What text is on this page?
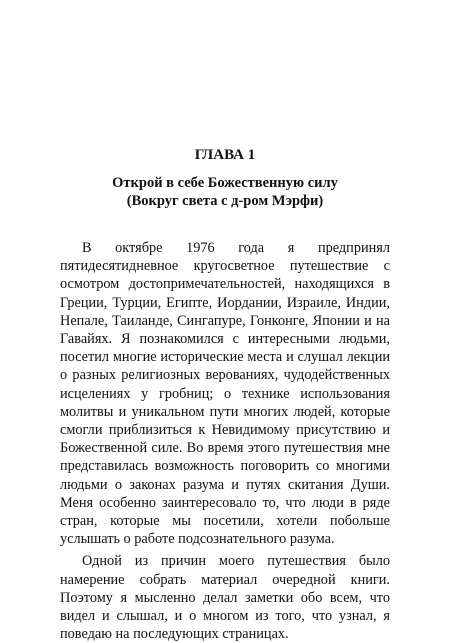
ГЛАВА 1
Открой в себе Божественную силу
(Вокруг света с д-ром Мэрфи)

В октябре 1976 года я предпринял пятидесятидневное кругосветное путешествие с осмотром достопримечательностей, находящихся в Греции, Турции, Египте, Иордании, Израиле, Индии, Непале, Таиланде, Сингапуре, Гонконге, Японии и на Гавайях. Я познакомился с интересными людьми, посетил многие исторические места и слушал лекции о разных религиозных верованиях, чудодейственных исцелениях у гробниц; о технике использования молитвы и уникальном пути многих людей, которые смогли приблизиться к Невидимому присутствию и Божественной силе. Во время этого путешествия мне представилась возможность поговорить со многими людьми о законах разума и путях скитания Души. Меня особенно заинтересовало то, что люди в ряде стран, которые мы посетили, хотели побольше услышать о работе подсознательного разума.

Одной из причин моего путешествия было намерение собрать материал очередной книги. Поэтому я мысленно делал заметки обо всем, что видел и слышал, и о многом из того, что узнал, я поведаю на последующих страницах.
